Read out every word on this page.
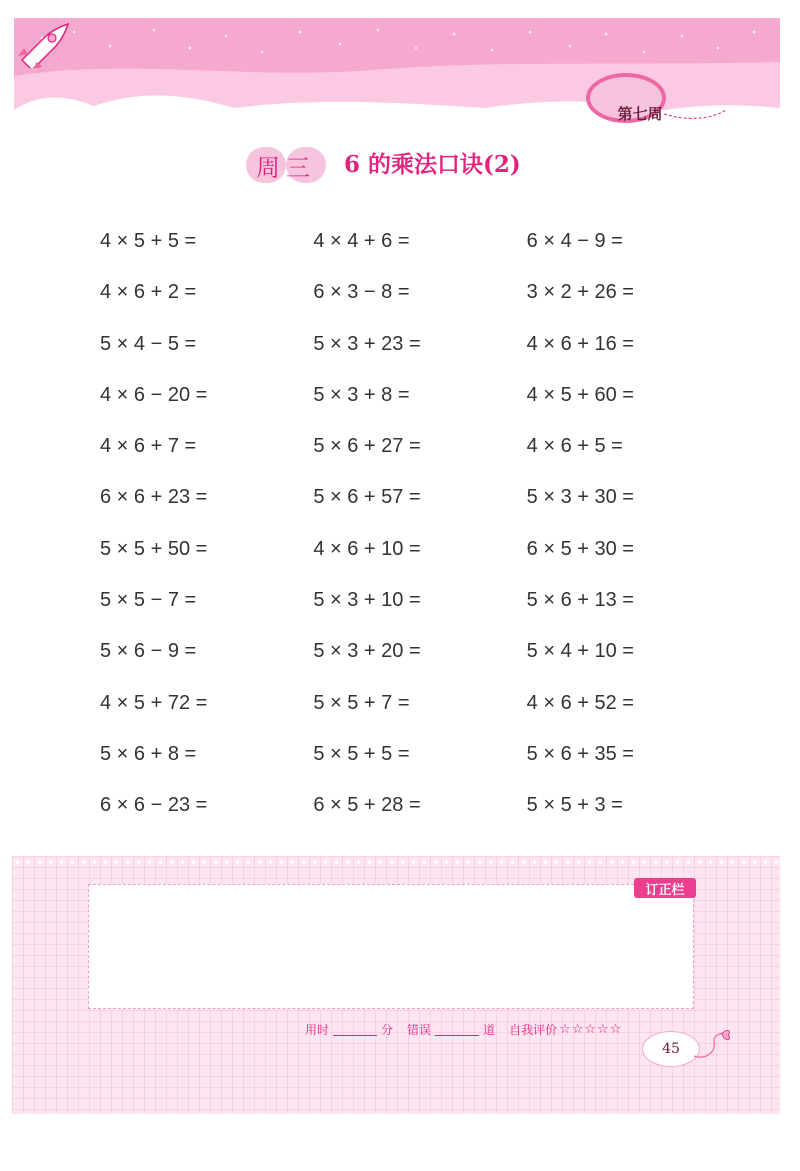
第七周
周三	6 的乘法口诀(2)
4 × 5 + 5 =	4 × 4 + 6 =	6 × 4 − 9 =
4 × 6 + 2 =	6 × 3 − 8 =	3 × 2 + 26 =
5 × 4 − 5 =	5 × 3 + 23 =	4 × 6 + 16 =
4 × 6 − 20 =	5 × 3 + 8 =	4 × 5 + 60 =
4 × 6 + 7 =	5 × 6 + 27 =	4 × 6 + 5 =
6 × 6 + 23 =	5 × 6 + 57 =	5 × 3 + 30 =
5 × 5 + 50 =	4 × 6 + 10 =	6 × 5 + 30 =
5 × 5 − 7 =	5 × 3 + 10 =	5 × 6 + 13 =
5 × 6 − 9 =	5 × 3 + 20 =	5 × 4 + 10 =
4 × 5 + 72 =	5 × 5 + 7 =	4 × 6 + 52 =
5 × 6 + 8 =	5 × 5 + 5 =	5 × 6 + 35 =
6 × 6 − 23 =	6 × 5 + 28 =	5 × 5 + 3 =
订正栏
用时	分 错误	道 自我评价 ☆☆☆☆☆
45
